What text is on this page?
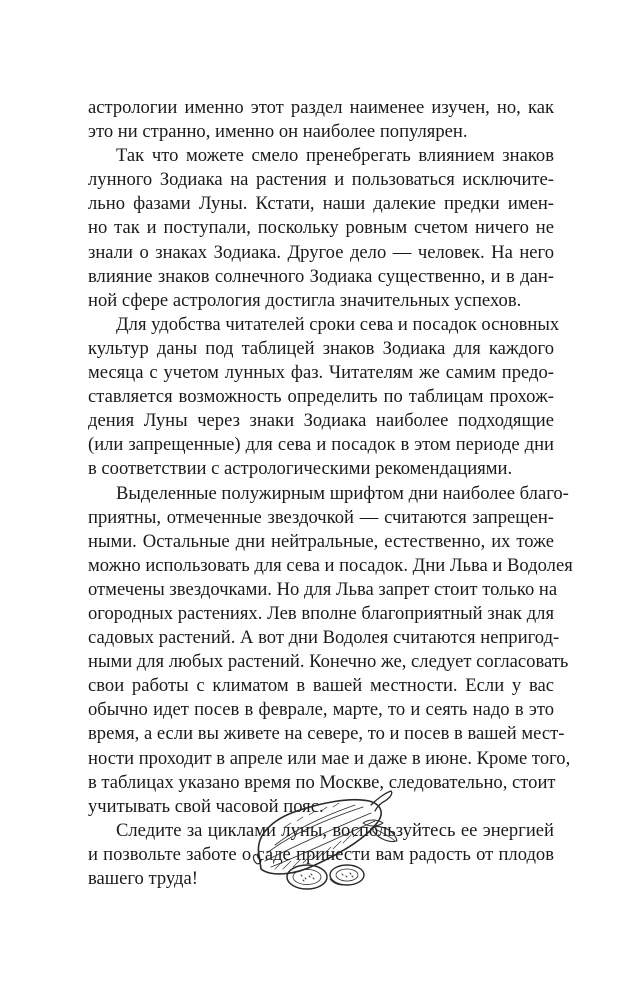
астрологии именно этот раздел наименее изучен, но, как
это ни странно, именно он наиболее популярен.
Так что можете смело пренебрегать влиянием знаков
лунного Зодиака на растения и пользоваться исключите-
льно фазами Луны. Кстати, наши далекие предки имен-
но так и поступали, поскольку ровным счетом ничего не
знали о знаках Зодиака. Другое дело — человек. На него
влияние знаков солнечного Зодиака существенно, и в дан-
ной сфере астрология достигла значительных успехов.
Для удобства читателей сроки сева и посадок основных
культур даны под таблицей знаков Зодиака для каждого
месяца с учетом лунных фаз. Читателям же самим предо-
ставляется возможность определить по таблицам прохож-
дения Луны через знаки Зодиака наиболее подходящие
(или запрещенные) для сева и посадок в этом периоде дни
в соответствии с астрологическими рекомендациями.
Выделенные полужирным шрифтом дни наиболее благо-
приятны, отмеченные звездочкой — считаются запрещен-
ными. Остальные дни нейтральные, естественно, их тоже
можно использовать для сева и посадок. Дни Льва и Водолея
отмечены звездочками. Но для Льва запрет стоит только на
огородных растениях. Лев вполне благоприятный знак для
садовых растений. А вот дни Водолея считаются непригод-
ными для любых растений. Конечно же, следует согласовать
свои работы с климатом в вашей местности. Если у вас
обычно идет посев в феврале, марте, то и сеять надо в это
время, а если вы живете на севере, то и посев в вашей мест-
ности проходит в апреле или мае и даже в июне. Кроме того,
в таблицах указано время по Москве, следовательно, стоит
учитывать свой часовой пояс.
Следите за циклами луны, воспользуйтесь ее энергией
и позвольте заботе о саде принести вам радость от плодов
вашего труда!
